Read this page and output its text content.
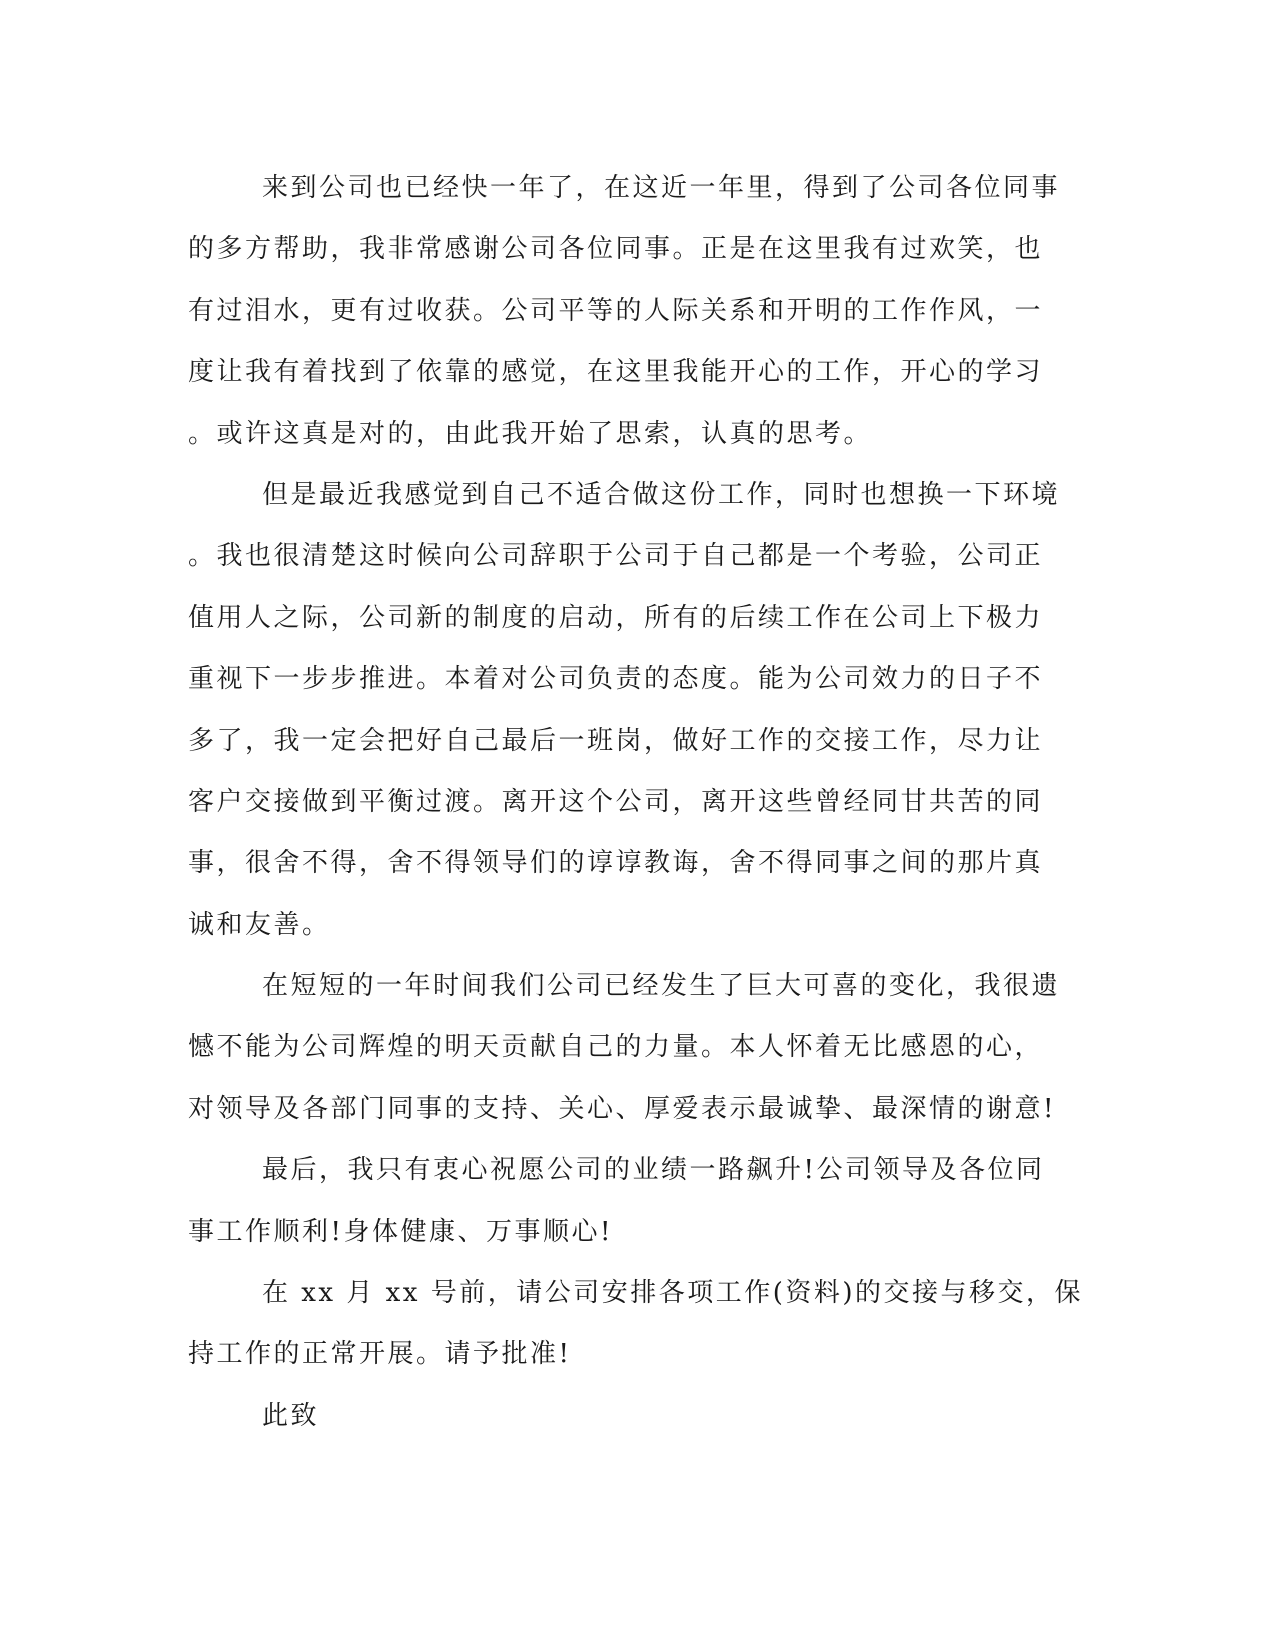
来到公司也已经快一年了，在这近一年里，得到了公司各位同事
的多方帮助，我非常感谢公司各位同事。正是在这里我有过欢笑，也
有过泪水，更有过收获。公司平等的人际关系和开明的工作作风，一
度让我有着找到了依靠的感觉，在这里我能开心的工作，开心的学习
。或许这真是对的，由此我开始了思索，认真的思考。
但是最近我感觉到自己不适合做这份工作，同时也想换一下环境
。我也很清楚这时候向公司辞职于公司于自己都是一个考验，公司正
值用人之际，公司新的制度的启动，所有的后续工作在公司上下极力
重视下一步步推进。本着对公司负责的态度。能为公司效力的日子不
多了，我一定会把好自己最后一班岗，做好工作的交接工作，尽力让
客户交接做到平衡过渡。离开这个公司，离开这些曾经同甘共苦的同
事，很舍不得，舍不得领导们的谆谆教诲，舍不得同事之间的那片真
诚和友善。
在短短的一年时间我们公司已经发生了巨大可喜的变化，我很遗
憾不能为公司辉煌的明天贡献自己的力量。本人怀着无比感恩的心，
对领导及各部门同事的支持、关心、厚爱表示最诚挚、最深情的谢意!
最后，我只有衷心祝愿公司的业绩一路飙升!公司领导及各位同
事工作顺利!身体健康、万事顺心!
在 xx 月 xx 号前，请公司安排各项工作(资料)的交接与移交，保
持工作的正常开展。请予批准!
此致
